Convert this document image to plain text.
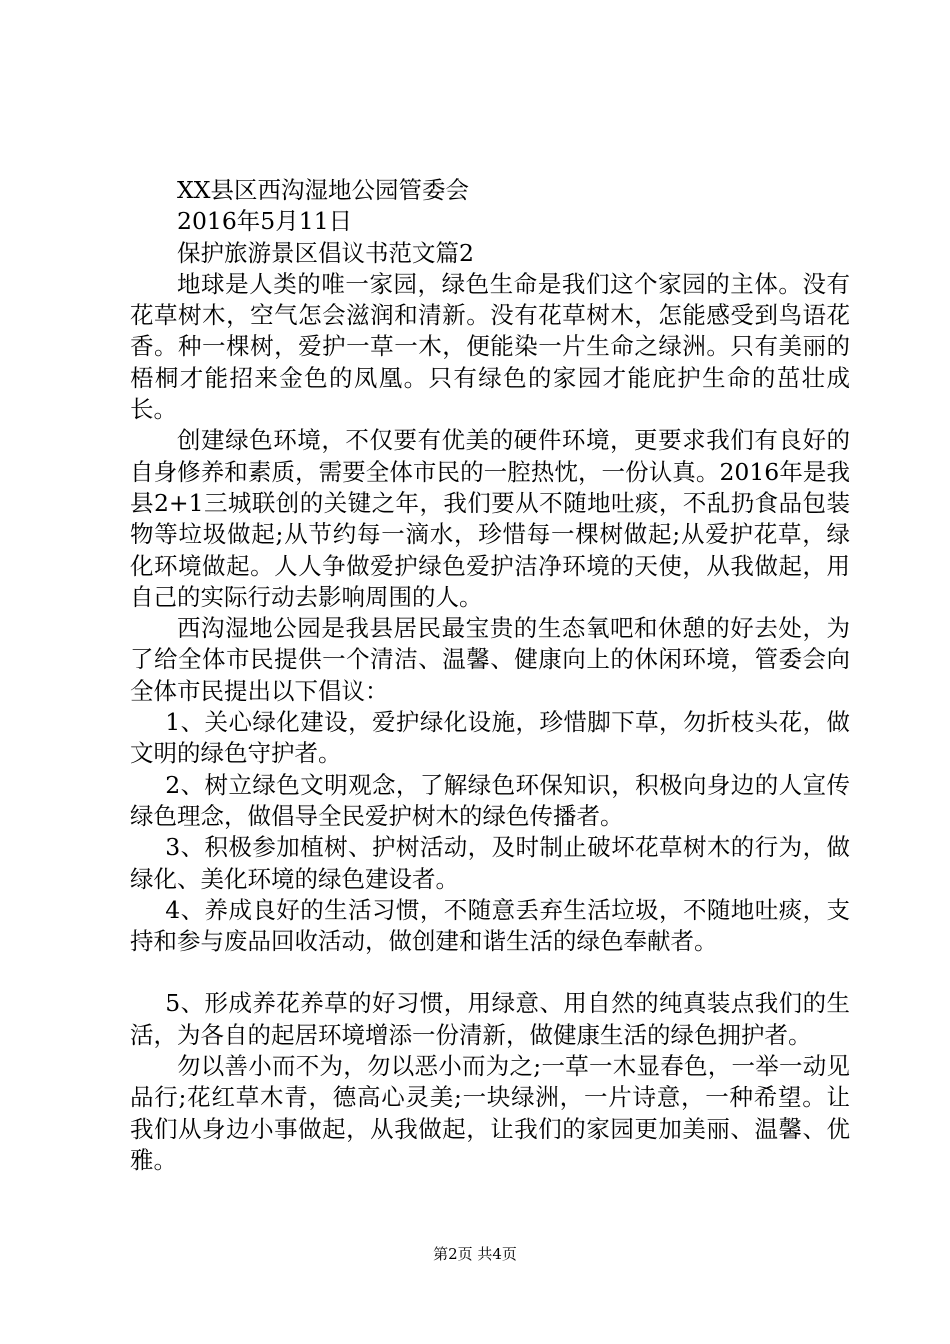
XX县区西沟湿地公园管委会

2016年5月11日

保护旅游景区倡议书范文篇2

地球是人类的唯一家园，绿色生命是我们这个家园的主体。没有花草树木，空气怎会滋润和清新。没有花草树木，怎能感受到鸟语花香。种一棵树，爱护一草一木，便能染一片生命之绿洲。只有美丽的梧桐才能招来金色的凤凰。只有绿色的家园才能庇护生命的茁壮成长。

创建绿色环境，不仅要有优美的硬件环境，更要求我们有良好的自身修养和素质，需要全体市民的一腔热忱，一份认真。2016年是我县2+1三城联创的关键之年，我们要从不随地吐痰，不乱扔食品包装物等垃圾做起;从节约每一滴水，珍惜每一棵树做起;从爱护花草，绿化环境做起。人人争做爱护绿色爱护洁净环境的天使，从我做起，用自己的实际行动去影响周围的人。

西沟湿地公园是我县居民最宝贵的生态氧吧和休憩的好去处，为了给全体市民提供一个清洁、温馨、健康向上的休闲环境，管委会向全体市民提出以下倡议：

1、关心绿化建设，爱护绿化设施，珍惜脚下草，勿折枝头花，做文明的绿色守护者。

2、树立绿色文明观念，了解绿色环保知识，积极向身边的人宣传绿色理念，做倡导全民爱护树木的绿色传播者。

3、积极参加植树、护树活动，及时制止破坏花草树木的行为，做绿化、美化环境的绿色建设者。

4、养成良好的生活习惯，不随意丢弃生活垃圾，不随地吐痰，支持和参与废品回收活动，做创建和谐生活的绿色奉献者。

5、形成养花养草的好习惯，用绿意、用自然的纯真装点我们的生活，为各自的起居环境增添一份清新，做健康生活的绿色拥护者。

勿以善小而不为，勿以恶小而为之;一草一木显春色，一举一动见品行;花红草木青，德高心灵美;一块绿洲，一片诗意，一种希望。让我们从身边小事做起，从我做起，让我们的家园更加美丽、温馨、优雅。

第2页 共4页
